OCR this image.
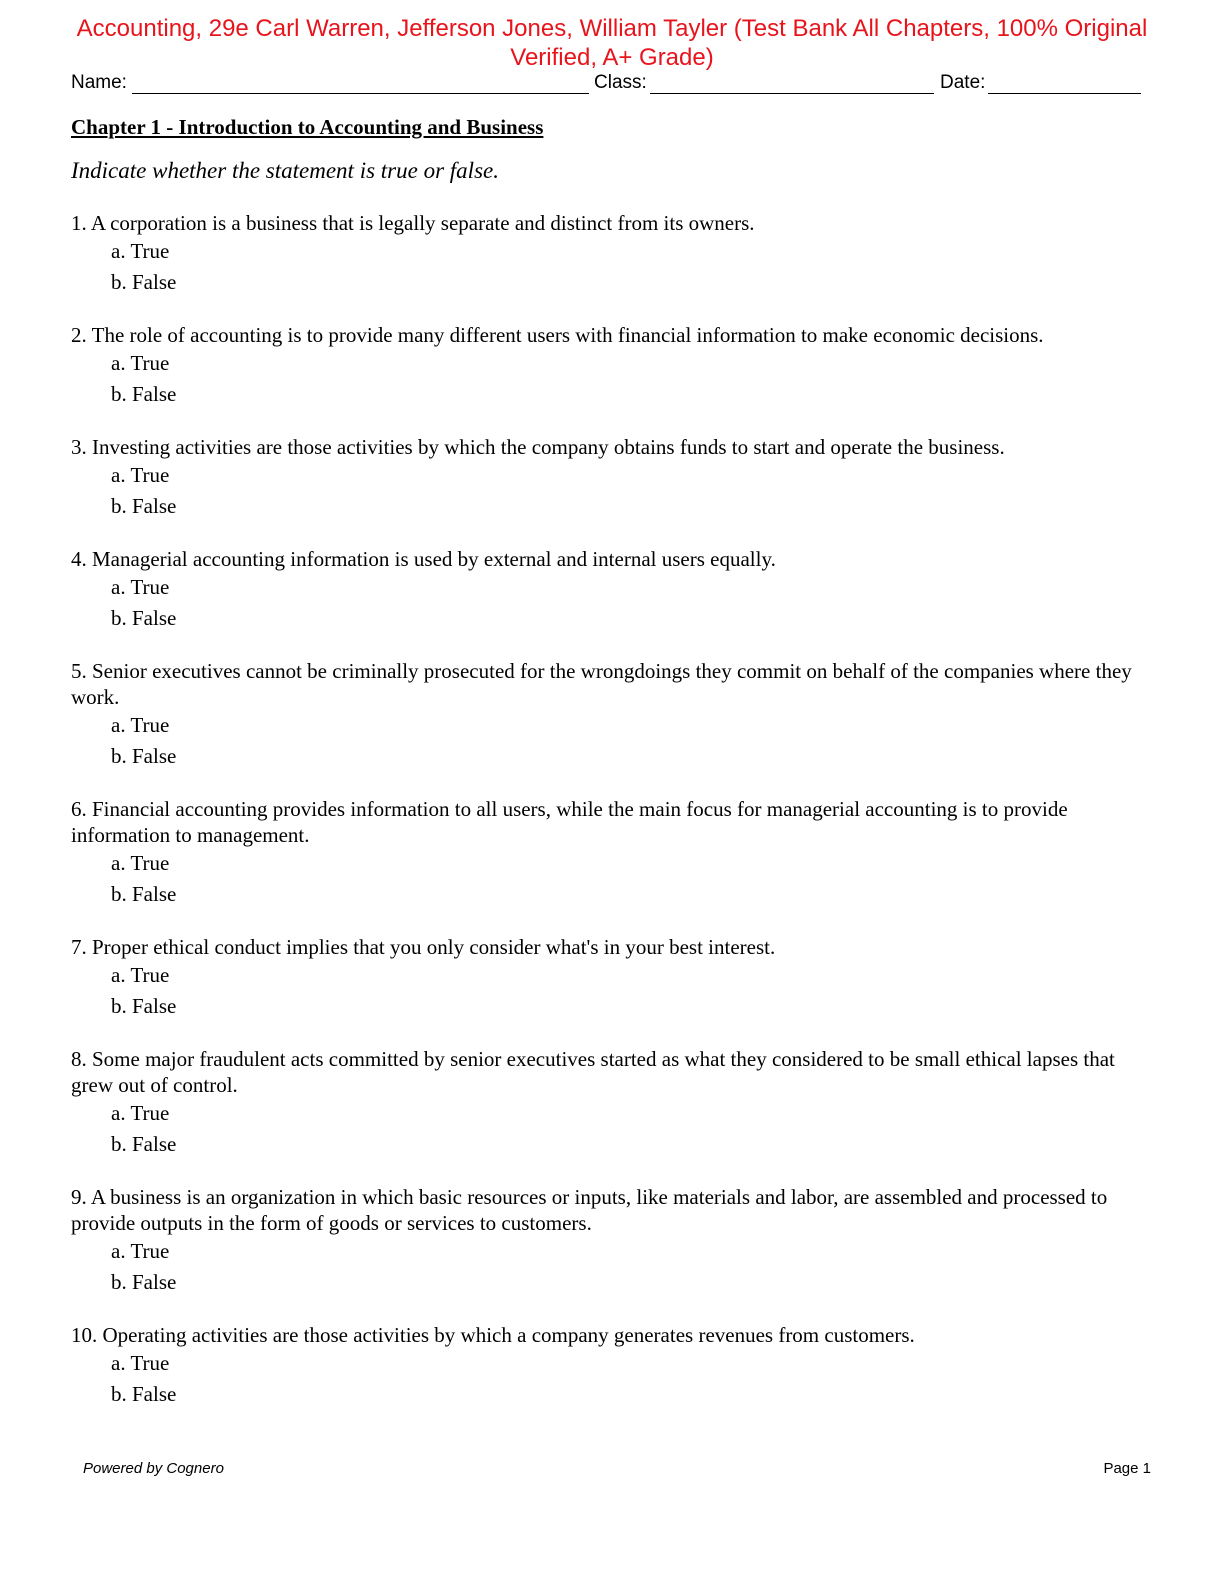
Accounting, 29e Carl Warren, Jefferson Jones, William Tayler (Test Bank All Chapters, 100% Original Verified, A+ Grade)
Name:	Class:	Date:
Chapter 1 - Introduction to Accounting and Business

Indicate whether the statement is true or false.

1. A corporation is a business that is legally separate and distinct from its owners.

a. True
b. False

2. The role of accounting is to provide many different users with financial information to make economic decisions.

a. True
b. False

3. Investing activities are those activities by which the company obtains funds to start and operate the business.

a. True
b. False

4. Managerial accounting information is used by external and internal users equally.

a. True
b. False

5. Senior executives cannot be criminally prosecuted for the wrongdoings they commit on behalf of the companies where they work.

a. True
b. False

6. Financial accounting provides information to all users, while the main focus for managerial accounting is to provide information to management.

a. True
b. False

7. Proper ethical conduct implies that you only consider what's in your best interest.

a. True
b. False

8. Some major fraudulent acts committed by senior executives started as what they considered to be small ethical lapses that grew out of control.

a. True
b. False

9. A business is an organization in which basic resources or inputs, like materials and labor, are assembled and processed to provide outputs in the form of goods or services to customers.

a. True
b. False

10. Operating activities are those activities by which a company generates revenues from customers.

a. True
b. False
Powered by Cognero	Page 1
